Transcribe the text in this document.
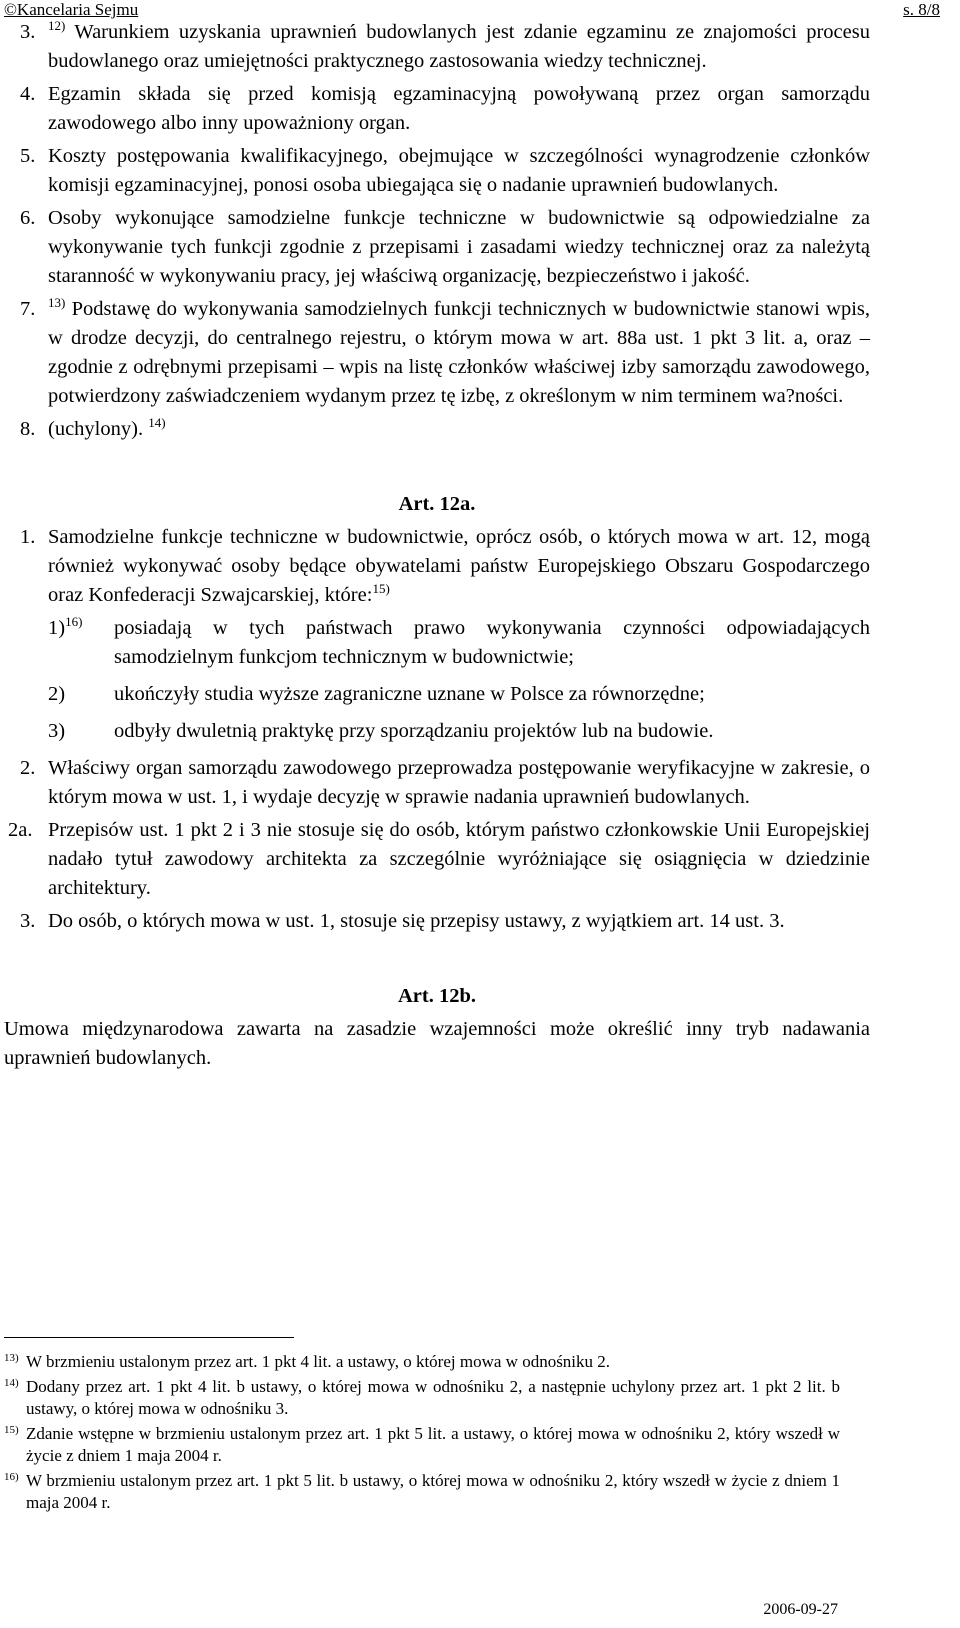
©Kancelaria Sejmu	s. 8/8
3. $^{12)}$ Warunkiem uzyskania uprawnień budowlanych jest zdanie egzaminu ze znajomości procesu budowlanego oraz umiejętności praktycznego zastosowania wiedzy technicznej.
4. Egzamin składa się przed komisją egzaminacyjną powoływaną przez organ samorządu zawodowego albo inny upoważniony organ.
5. Koszty postępowania kwalifikacyjnego, obejmujące w szczególności wynagrodzenie członków komisji egzaminacyjnej, ponosi osoba ubiegająca się o nadanie uprawnień budowlanych.
6. Osoby wykonujące samodzielne funkcje techniczne w budownictwie są odpowiedzialne za wykonywanie tych funkcji zgodnie z przepisami i zasadami wiedzy technicznej oraz za należytą staranność w wykonywaniu pracy, jej właściwą organizację, bezpieczeństwo i jakość.
7. $^{13)}$ Podstawę do wykonywania samodzielnych funkcji technicznych w budownictwie stanowi wpis, w drodze decyzji, do centralnego rejestru, o którym mowa w art. 88a ust. 1 pkt 3 lit. a, oraz – zgodnie z odrębnymi przepisami – wpis na listę członków właściwej izby samorządu zawodowego, potwierdzony zaświadczeniem wydanym przez tę izbę, z określonym w nim terminem wa?ności.
8. (uchylony). $^{14)}$
Art. 12a.
1. Samodzielne funkcje techniczne w budownictwie, oprócz osób, o których mowa w art. 12, mogą również wykonywać osoby będące obywatelami państw Europejskiego Obszaru Gospodarczego oraz Konfederacji Szwajcarskiej, które:$^{15)}$
1)$^{16)}$ posiadają w tych państwach prawo wykonywania czynności odpowiadających samodzielnym funkcjom technicznym w budownictwie;
2) ukończyły studia wyższe zagraniczne uznane w Polsce za równorzędne;
3) odbyły dwuletnią praktykę przy sporządzaniu projektów lub na budowie.
2. Właściwy organ samorządu zawodowego przeprowadza postępowanie weryfikacyjne w zakresie, o którym mowa w ust. 1, i wydaje decyzję w sprawie nadania uprawnień budowlanych.
2a. Przepisów ust. 1 pkt 2 i 3 nie stosuje się do osób, którym państwo członkowskie Unii Europejskiej nadało tytuł zawodowy architekta za szczególnie wyróżniające się osiągnięcia w dziedzinie architektury.
3. Do osób, o których mowa w ust. 1, stosuje się przepisy ustawy, z wyjątkiem art. 14 ust. 3.
Art. 12b.
Umowa międzynarodowa zawarta na zasadzie wzajemności może określić inny tryb nadawania uprawnień budowlanych.
$^{13)}$ W brzmieniu ustalonym przez art. 1 pkt 4 lit. a ustawy, o której mowa w odnośniku 2.
$^{14)}$ Dodany przez art. 1 pkt 4 lit. b ustawy, o której mowa w odnośniku 2, a następnie uchylony przez art. 1 pkt 2 lit. b ustawy, o której mowa w odnośniku 3.
$^{15)}$ Zdanie wstępne w brzmieniu ustalonym przez art. 1 pkt 5 lit. a ustawy, o której mowa w odnośniku 2, który wszedł w życie z dniem 1 maja 2004 r.
$^{16)}$ W brzmieniu ustalonym przez art. 1 pkt 5 lit. b ustawy, o której mowa w odnośniku 2, który wszedł w życie z dniem 1 maja 2004 r.
2006-09-27
